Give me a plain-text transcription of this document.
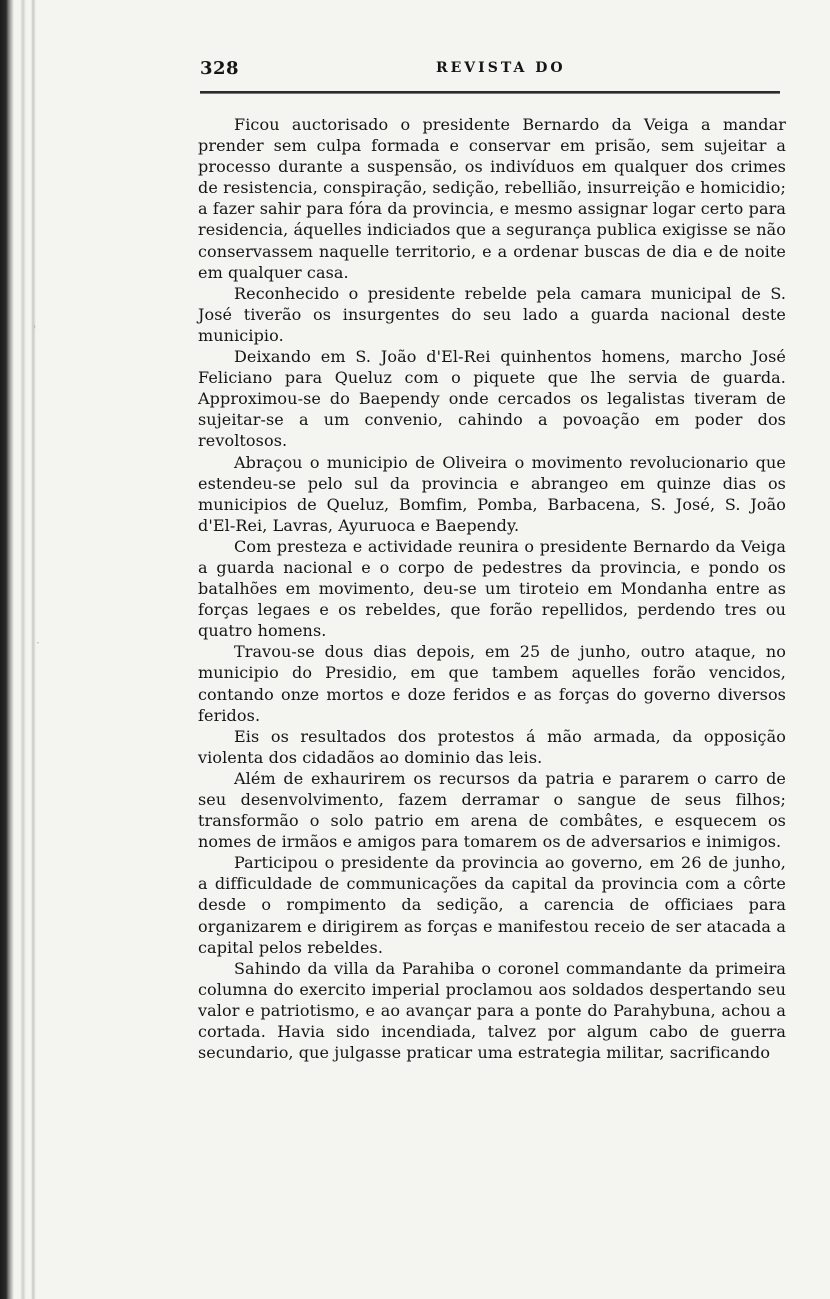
328	REVISTA DO
'
·

Ficou auctorisado o presidente Bernardo da Veiga a mandar prender sem culpa formada e conservar em prisão, sem sujeitar a processo durante a suspensão, os indivíduos em qualquer dos crimes de resistencia, conspiração, sedição, rebellião, insurreição e homicidio; a fazer sahir para fóra da provincia, e mesmo assignar logar certo para residencia, áquelles indiciados que a segurança publica exigisse se não conservassem naquelle territorio, e a ordenar buscas de dia e de noite em qualquer casa.

Reconhecido o presidente rebelde pela camara municipal de S. José tiverão os insurgentes do seu lado a guarda nacional deste municipio.

Deixando em S. João d'El-Rei quinhentos homens, marcho José Feliciano para Queluz com o piquete que lhe servia de guarda. Approximou-se do Baependy onde cercados os legalistas tiveram de sujeitar-se a um convenio, cahindo a povoação em poder dos revoltosos.

Abraçou o municipio de Oliveira o movimento revolucionario que estendeu-se pelo sul da provincia e abrangeo em quinze dias os municipios de Queluz, Bomfim, Pomba, Barbacena, S. José, S. João d'El-Rei, Lavras, Ayuruoca e Baependy.

Com presteza e actividade reunira o presidente Bernardo da Veiga a guarda nacional e o corpo de pedestres da provincia, e pondo os batalhões em movimento, deu-se um tiroteio em Mondanha entre as forças legaes e os rebeldes, que forão repellidos, perdendo tres ou quatro homens.

Travou-se dous dias depois, em 25 de junho, outro ataque, no municipio do Presidio, em que tambem aquelles forão vencidos, contando onze mortos e doze feridos e as forças do governo diversos feridos.

Eis os resultados dos protestos á mão armada, da opposição violenta dos cidadãos ao dominio das leis.

Além de exhaurirem os recursos da patria e pararem o carro de seu desenvolvimento, fazem derramar o sangue de seus filhos; transformão o solo patrio em arena de combâtes, e esquecem os nomes de irmãos e amigos para tomarem os de adversarios e inimigos.

Participou o presidente da provincia ao governo, em 26 de junho, a difficuldade de communicações da capital da provincia com a côrte desde o rompimento da sedição, a carencia de officiaes para organizarem e dirigirem as forças e manifestou receio de ser atacada a capital pelos rebeldes.

Sahindo da villa da Parahiba o coronel commandante da primeira columna do exercito imperial proclamou aos soldados despertando seu valor e patriotismo, e ao avançar para a ponte do Parahybuna, achou a cortada. Havia sido incendiada, talvez por algum cabo de guerra secundario, que julgasse praticar uma estrategia militar, sacrificando
